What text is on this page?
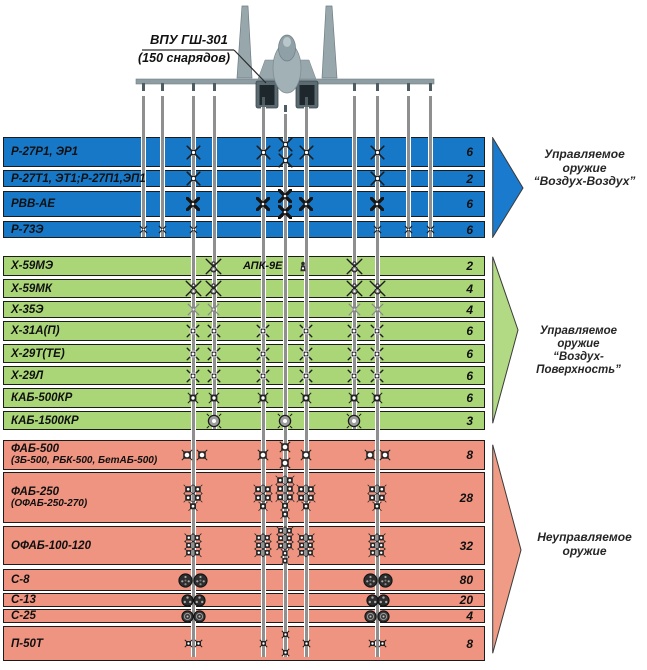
ВПУ ГШ-301
(150 снарядов)
Р-27Р1, ЭР1	6
Р-27Т1, ЭТ1;Р-27П1,ЭП1	2
РВВ-АЕ	6
Р-73Э	6
Х-59МЭ	2
Х-59МК	4
Х-35Э	4
Х-31А(П)	6
Х-29Т(ТЕ)	6
Х-29Л	6
КАБ-500КР	6
КАБ-1500КР	3
ФАБ-500
(3Б-500, РБК-500, БетАБ-500)	8
ФАБ-250
(ОФАБ-250-270)	28
ОФАБ-100-120	32
С-8	80
С-13	20
С-25	4
П-50Т	8
АПК-9Е
Управляемое
оружие
“Воздух-Воздух”
Управляемое
оружие
“Воздух-
Поверхность”
Неуправляемое
оружие
